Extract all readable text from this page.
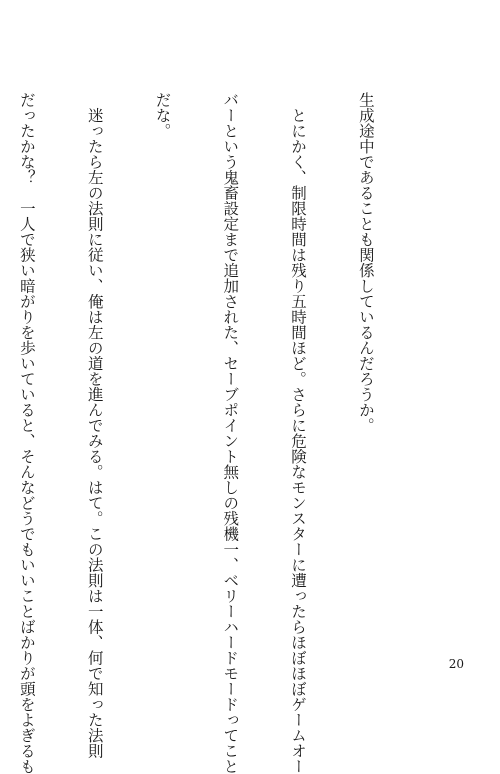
生成途中であることも関係しているんだろうか。

　とにかく、制限時間は残り五時間ほど。さらに危険なモンスターに遭ったらほぼほぼゲームオー

バーという鬼畜設定まで追加された、セーブポイント無しの残機一、ベリーハードモードってこと

だな。

　迷ったら左の法則に従い、俺は左の道を進んでみる。はて。この法則は一体、何で知った法則

だったかな？　一人で狭い暗がりを歩いていると、そんなどうでもいいことばかりが頭をよぎるも

	20
